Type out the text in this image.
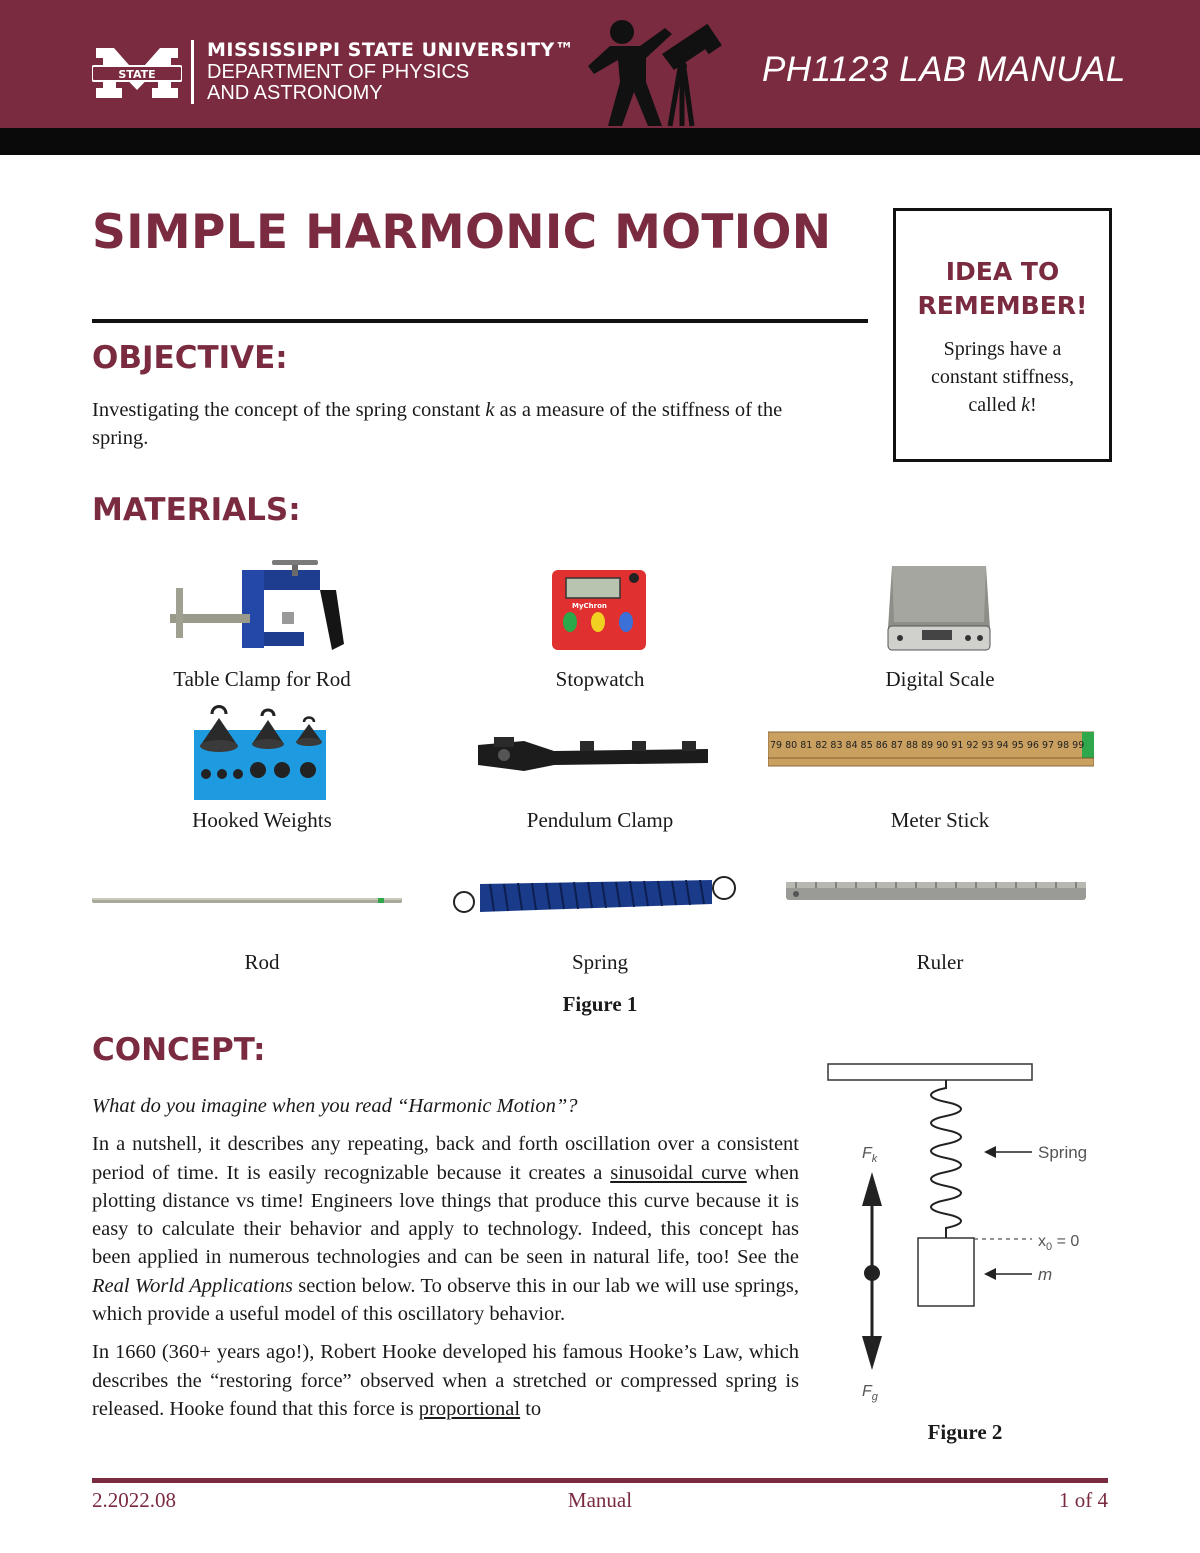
STATE
MISSISSIPPI STATE UNIVERSITY™
DEPARTMENT OF PHYSICS
AND ASTRONOMY
PH1123 LAB MANUAL
SIMPLE HARMONIC MOTION
IDEA TO
REMEMBER!
Springs have a
constant stiffness,
called k!
OBJECTIVE:
Investigating the concept of the spring constant k as a measure of the stiffness of the
spring.
MATERIALS:
Table Clamp for Rod
MyChron
Stopwatch	Digital Scale
Hooked Weights	Pendulum Clamp
79 80 81 82 83 84 85 86 87 88 89 90 91 92 93 94 95 96 97 98 99
Meter Stick
Rod	Spring	Ruler
Figure 1
CONCEPT:

What do you imagine when you read “Harmonic Motion”?

In a nutshell, it describes any repeating, back and forth oscillation over a consistent period of time. It is easily recognizable because it creates a sinusoidal curve when plotting distance vs time! Engineers love things that produce this curve because it is easy to calculate their behavior and apply to technology. Indeed, this concept has been applied in numerous technologies and can be seen in natural life, too! See the Real World Applications section below. To observe this in our lab we will use springs, which provide a useful model of this oscillatory behavior.

In 1660 (360+ years ago!), Robert Hooke developed his famous Hooke’s Law, which describes the “restoring force” observed when a stretched or compressed spring is released. Hooke found that this force is proportional to

$F_k$	Spring
$x_0 = 0$
m
$F_g$
Figure 2
2.2022.08	Manual	1 of 4
